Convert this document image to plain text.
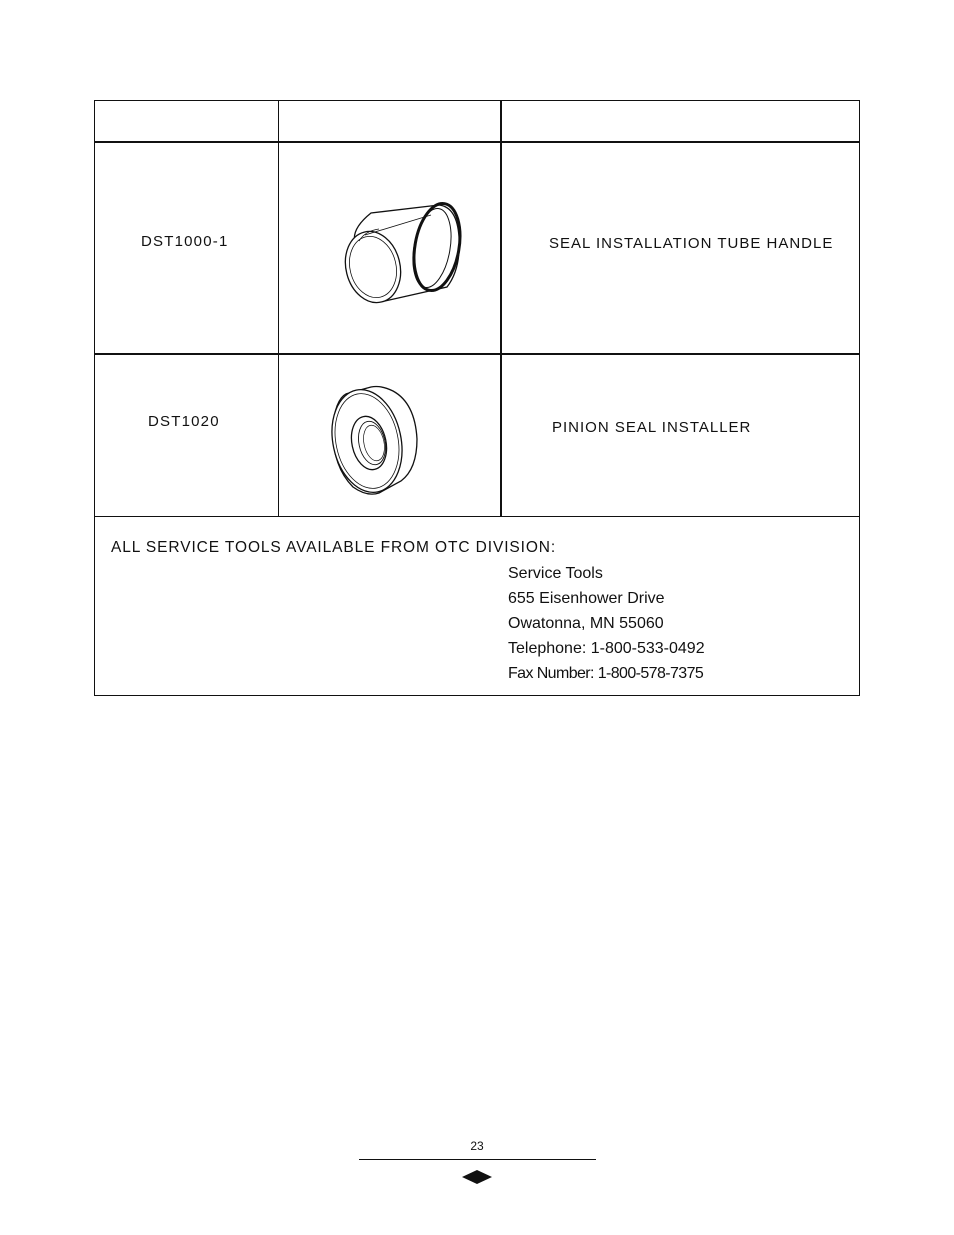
DST1000-1	SEAL INSTALLATION TUBE HANDLE
DST1020	PINION SEAL INSTALLER
ALL SERVICE TOOLS AVAILABLE FROM OTC DIVISION:
Service Tools
655 Eisenhower Drive
Owatonna, MN 55060
Telephone: 1-800-533-0492
Fax Number: 1-800-578-7375
23
